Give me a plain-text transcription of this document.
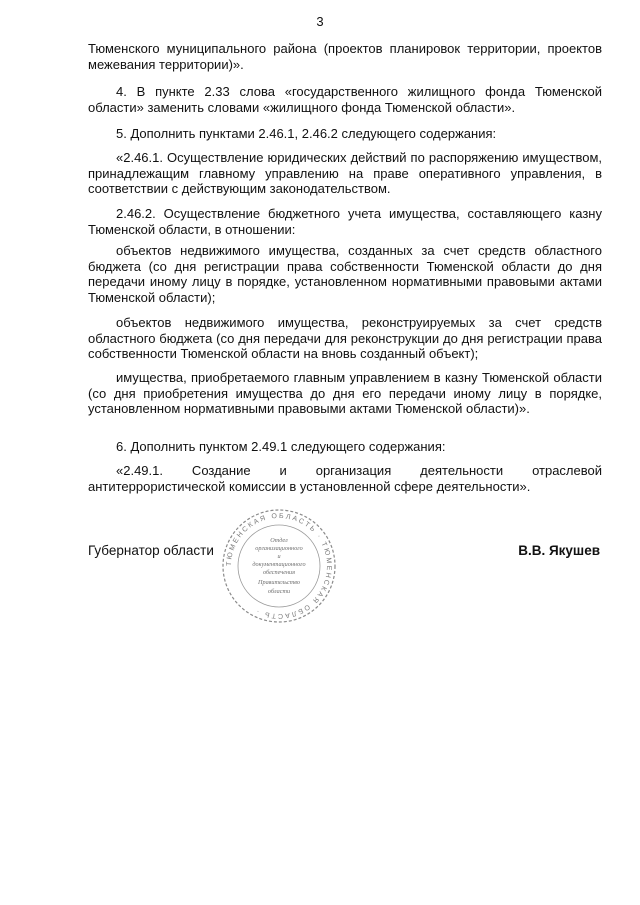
3

Тюменского муниципального района (проектов планировок территории, проектов межевания территории)».

4. В пункте 2.33 слова «государственного жилищного фонда Тюменской области» заменить словами «жилищного фонда Тюменской области».

5. Дополнить пунктами 2.46.1, 2.46.2 следующего содержания:

«2.46.1. Осуществление юридических действий по распоряжению имуществом, принадлежащим главному управлению на праве оперативного управления, в соответствии с действующим законодательством.

2.46.2. Осуществление бюджетного учета имущества, составляющего казну Тюменской области, в отношении:

объектов недвижимого имущества, созданных за счет средств областного бюджета (со дня регистрации права собственности Тюменской области до дня передачи иному лицу в порядке, установленном нормативными правовыми актами Тюменской области);

объектов недвижимого имущества, реконструируемых за счет средств областного бюджета (со дня передачи для реконструкции до дня регистрации права собственности Тюменской области на вновь созданный объект);

имущества, приобретаемого главным управлением в казну Тюменской области (со дня приобретения имущества до дня его передачи иному лицу в порядке, установленном нормативными правовыми актами Тюменской области)».

6. Дополнить пунктом 2.49.1 следующего содержания:

«2.49.1. Создание и организация деятельности отраслевой антитеррористической комиссии в установленной сфере деятельности».

Губернатор области	В.В. Якушев
ТЮМЕНСКАЯ ОБЛАСТЬ · ТЮМЕНСКАЯ ОБЛАСТЬ ·
Отдел
организационного
и
документационного
обеспечения
Правительство
области
